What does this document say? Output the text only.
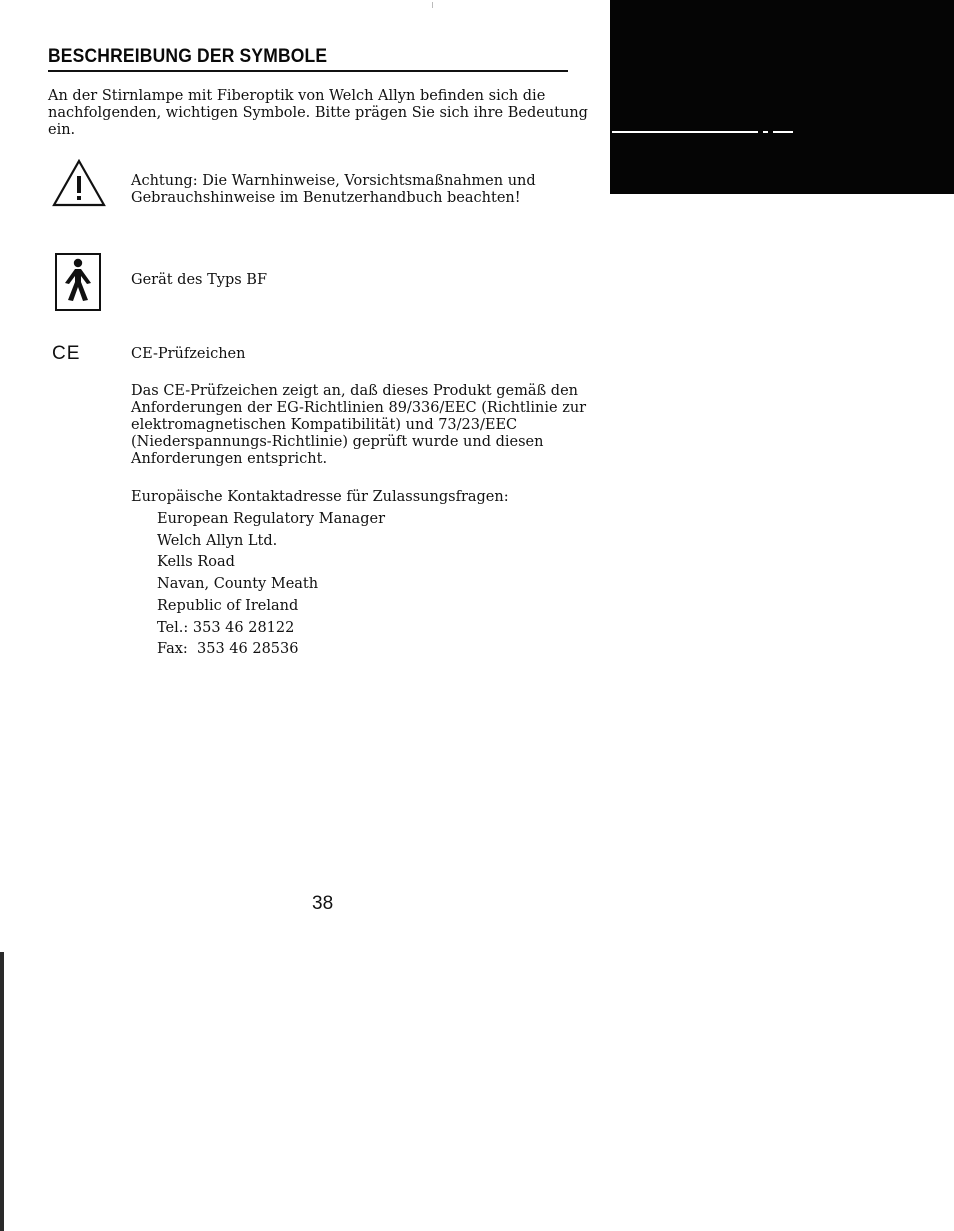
BESCHREIBUNG DER SYMBOLE
An der Stirnlampe mit Fiberoptik von Welch Allyn befinden sich die
nachfolgenden, wichtigen Symbole. Bitte prägen Sie sich ihre Bedeutung
ein.
Achtung: Die Warnhinweise, Vorsichtsmaßnahmen und
Gebrauchshinweise im Benutzerhandbuch beachten!
Gerät des Typs BF
CE	CE-Prüfzeichen
Das CE-Prüfzeichen zeigt an, daß dieses Produkt gemäß den
Anforderungen der EG-Richtlinien 89/336/EEC (Richtlinie zur
elektromagnetischen Kompatibilität) und 73/23/EEC
(Niederspannungs-Richtlinie) geprüft wurde und diesen
Anforderungen entspricht.
Europäische Kontaktadresse für Zulassungsfragen:
European Regulatory Manager
Welch Allyn Ltd.
Kells Road
Navan, County Meath
Republic of Ireland
Tel.: 353 46 28122
Fax:  353 46 28536
38
